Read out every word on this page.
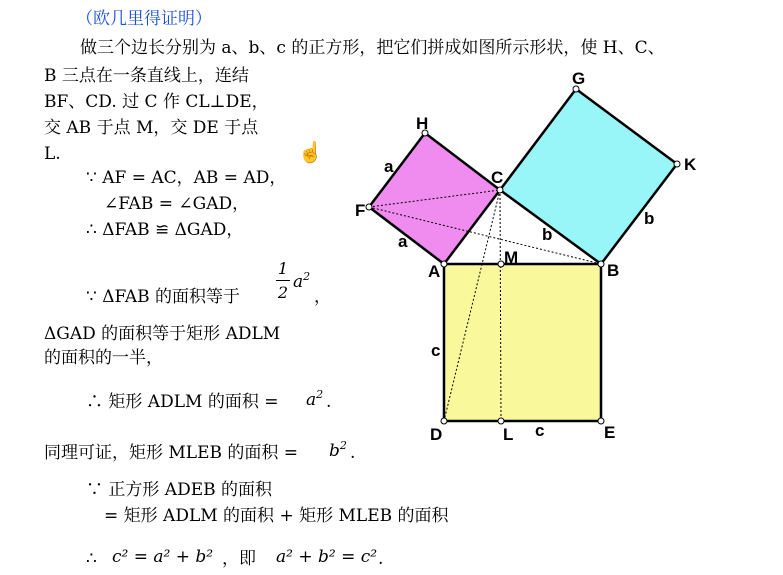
（欧几里得证明）
做三个边长分别为 a、b、c 的正方形，把它们拼成如图所示形状，使 H、C、
B 三点在一条直线上，连结
BF、CD. 过 C 作 CL⊥DE，
交 AB 于点 M，交 DE 于点
L.	☝
∵ AF = AC，AB = AD，
∠FAB = ∠GAD，
∴ ΔFAB ≌ ΔGAD，
∵ ΔFAB 的面积等于
1
2
$a^2$
，
ΔGAD 的面积等于矩形 ADLM
的面积的一半，
∴ 矩形 ADLM 的面积 = $a^2$ .
同理可证，矩形 MLEB 的面积 = $b^2$ .
∵ 正方形 ADEB 的面积
= 矩形 ADLM 的面积 + 矩形 MLEB 的面积
∴ c² = a² + b² ，即 a² + b² = c² .
G
H
C
K
F
A
M
B
D	L	E
a
a	b
b
c
c
